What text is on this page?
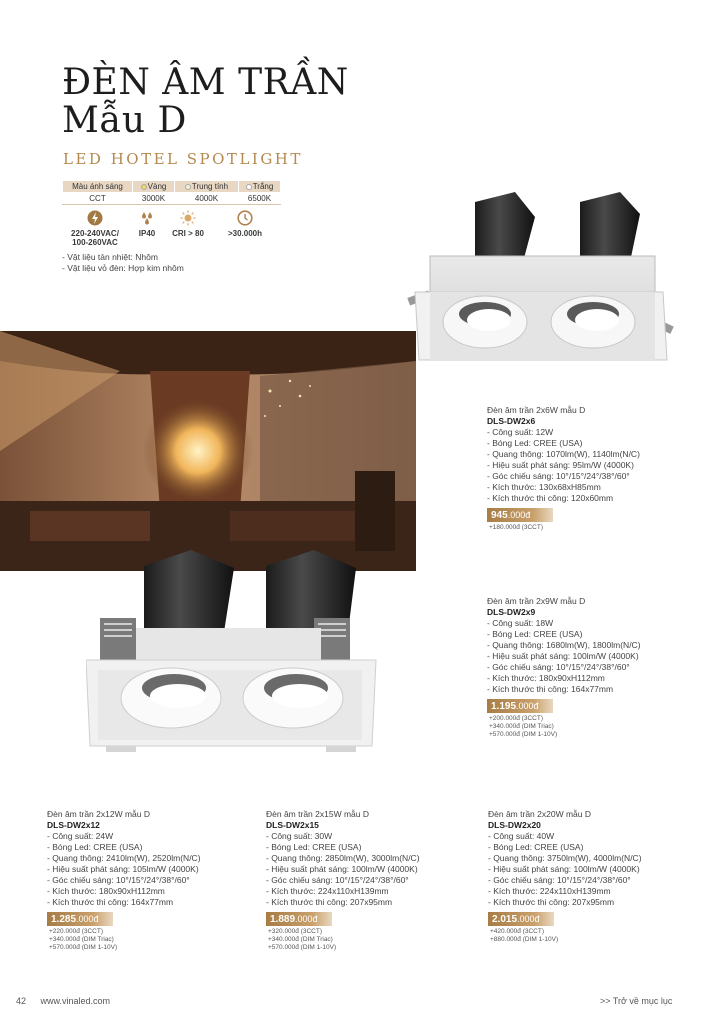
ĐÈN ÂM TRẦN
Mẫu D
LED HOTEL SPOTLIGHT
Màu ánh sáng	Vàng	Trung tính	Trắng
CCT	3000K	4000K	6500K
220-240VAC/ 100-260VAC
IP40	CRI > 80	>30.000h
- Vật liệu tản nhiệt: Nhôm
- Vật liệu vỏ đèn: Hợp kim nhôm
Đèn âm trần 2x6W mẫu D
DLS-DW2x6
- Công suất: 12W
- Bóng Led: CREE (USA)
- Quang thông: 1070lm(W), 1140lm(N/C)
- Hiệu suất phát sáng: 95lm/W (4000K)
- Góc chiếu sáng: 10°/15°/24°/38°/60°
- Kích thước: 130x68xH85mm
- Kích thước thi công: 120x60mm
945.000đ
+180.000đ (3CCT)
Đèn âm trần 2x9W mẫu D
DLS-DW2x9
- Công suất: 18W
- Bóng Led: CREE (USA)
- Quang thông: 1680lm(W), 1800lm(N/C)
- Hiệu suất phát sáng: 100lm/W (4000K)
- Góc chiếu sáng: 10°/15°/24°/38°/60°
- Kích thước: 180x90xH112mm
- Kích thước thi công: 164x77mm
1.195.000đ
+200.000đ (3CCT)
+340.000đ (DIM Triac)
+570.000đ (DIM 1-10V)
Đèn âm trần 2x12W mẫu D
DLS-DW2x12
- Công suất: 24W
- Bóng Led: CREE (USA)
- Quang thông: 2410lm(W), 2520lm(N/C)
- Hiệu suất phát sáng: 105lm/W (4000K)
- Góc chiếu sáng: 10°/15°/24°/38°/60°
- Kích thước: 180x90xH112mm
- Kích thước thi công: 164x77mm
1.285.000đ
+220.000đ (3CCT)
+340.000đ (DIM Triac)
+570.000đ (DIM 1-10V)
Đèn âm trần 2x15W mẫu D
DLS-DW2x15
- Công suất: 30W
- Bóng Led: CREE (USA)
- Quang thông: 2850lm(W), 3000lm(N/C)
- Hiệu suất phát sáng: 100lm/W (4000K)
- Góc chiếu sáng: 10°/15°/24°/38°/60°
- Kích thước: 224x110xH139mm
- Kích thước thi công: 207x95mm
1.889.000đ
+320.000đ (3CCT)
+340.000đ (DIM Triac)
+570.000đ (DIM 1-10V)
Đèn âm trần 2x20W mẫu D
DLS-DW2x20
- Công suất: 40W
- Bóng Led: CREE (USA)
- Quang thông: 3750lm(W), 4000lm(N/C)
- Hiệu suất phát sáng: 100lm/W (4000K)
- Góc chiếu sáng: 10°/15°/24°/38°/60°
- Kích thước: 224x110xH139mm
- Kích thước thi công: 207x95mm
2.015.000đ
+420.000đ (3CCT)
+880.000đ (DIM 1-10V)
42 www.vinaled.com	>> Trở về mục lục
